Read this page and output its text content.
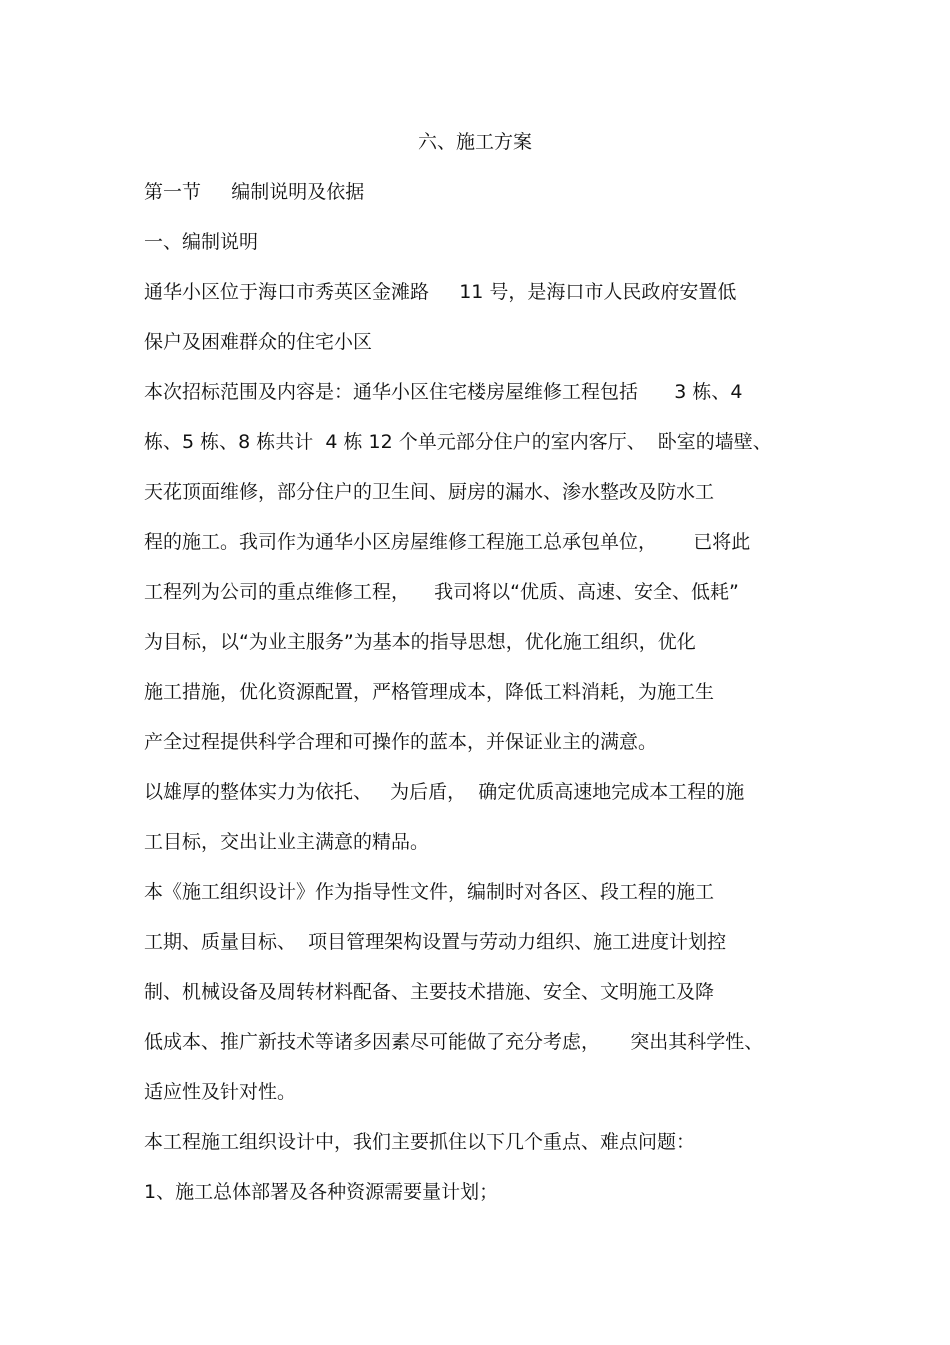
六、施工方案
第一节     编制说明及依据
一、编制说明
通华小区位于海口市秀英区金滩路     11 号，是海口市人民政府安置低
保户及困难群众的住宅小区
本次招标范围及内容是：通华小区住宅楼房屋维修工程包括      3 栋、4
栋、5 栋、8 栋共计  4 栋 12 个单元部分住户的室内客厅、  卧室的墙壁、
天花顶面维修，部分住户的卫生间、厨房的漏水、渗水整改及防水工
程的施工。我司作为通华小区房屋维修工程施工总承包单位，      已将此
工程列为公司的重点维修工程，    我司将以“优质、高速、安全、低耗”
为目标，以“为业主服务”为基本的指导思想，优化施工组织，优化
施工措施，优化资源配置，严格管理成本，降低工料消耗，为施工生
产全过程提供科学合理和可操作的蓝本，并保证业主的满意。
以雄厚的整体实力为依托、   为后盾，  确定优质高速地完成本工程的施
工目标，交出让业主满意的精品。
本《施工组织设计》作为指导性文件，编制时对各区、段工程的施工
工期、质量目标、  项目管理架构设置与劳动力组织、施工进度计划控
制、机械设备及周转材料配备、主要技术措施、安全、文明施工及降
低成本、推广新技术等诸多因素尽可能做了充分考虑，     突出其科学性、
适应性及针对性。
本工程施工组织设计中，我们主要抓住以下几个重点、难点问题：
1、施工总体部署及各种资源需要量计划；
